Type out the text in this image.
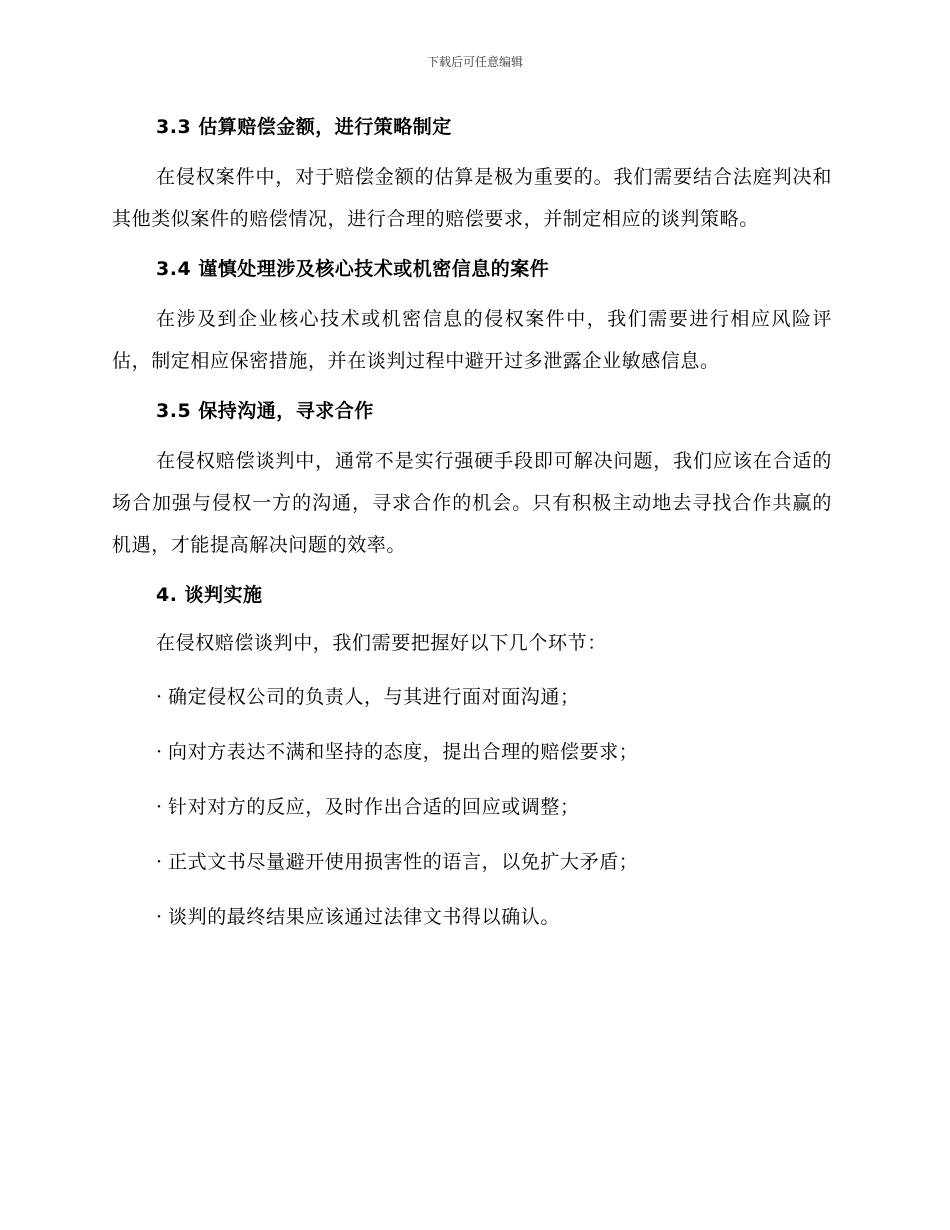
下载后可任意编辑
3.3 估算赔偿金额，进行策略制定

在侵权案件中，对于赔偿金额的估算是极为重要的。我们需要结合法庭判决和其他类似案件的赔偿情况，进行合理的赔偿要求，并制定相应的谈判策略。

3.4 谨慎处理涉及核心技术或机密信息的案件

在涉及到企业核心技术或机密信息的侵权案件中，我们需要进行相应风险评估，制定相应保密措施，并在谈判过程中避开过多泄露企业敏感信息。

3.5 保持沟通，寻求合作

在侵权赔偿谈判中，通常不是实行强硬手段即可解决问题，我们应该在合适的场合加强与侵权一方的沟通，寻求合作的机会。只有积极主动地去寻找合作共赢的机遇，才能提高解决问题的效率。

4. 谈判实施

在侵权赔偿谈判中，我们需要把握好以下几个环节：

· 确定侵权公司的负责人，与其进行面对面沟通；
· 向对方表达不满和坚持的态度，提出合理的赔偿要求；
· 针对对方的反应，及时作出合适的回应或调整；
· 正式文书尽量避开使用损害性的语言，以免扩大矛盾；
· 谈判的最终结果应该通过法律文书得以确认。
